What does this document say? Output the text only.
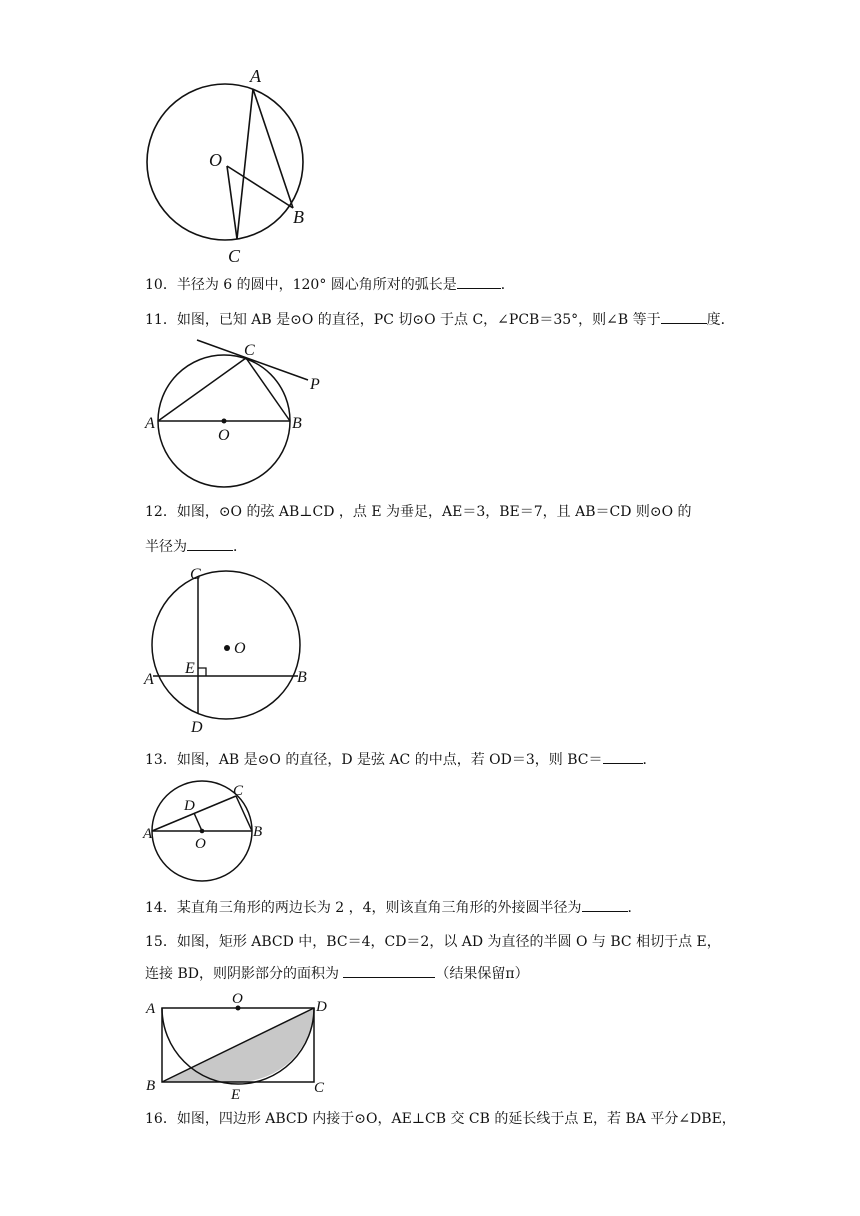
A
O
B
C
10．半径为 6 的圆中，120° 圆心角所对的弧长是	．
11．如图，已知 AB 是⊙O 的直径，PC 切⊙O 于点 C，∠PCB＝35°，则∠B 等于	度．
C
P
A
O
B
12．如图，⊙O 的弦 AB⊥CD ，点 E 为垂足，AE＝3，BE＝7，且 AB＝CD 则⊙O 的
半径为	．
C
O
E
A	B
D
13．如图，AB 是⊙O 的直径，D 是弦 AC 的中点，若 OD＝3，则 BC＝	．
D
C
A
O
B
14．某直角三角形的两边长为 2 ，4，则该直角三角形的外接圆半径为	．
15．如图，矩形 ABCD 中，BC＝4，CD＝2，以 AD 为直径的半圆 O 与 BC 相切于点 E，
连接 BD，则阴影部分的面积为	（结果保留π）
A
O	D
B
E	C
16．如图，四边形 ABCD 内接于⊙O，AE⊥CB 交 CB 的延长线于点 E，若 BA 平分∠DBE，
